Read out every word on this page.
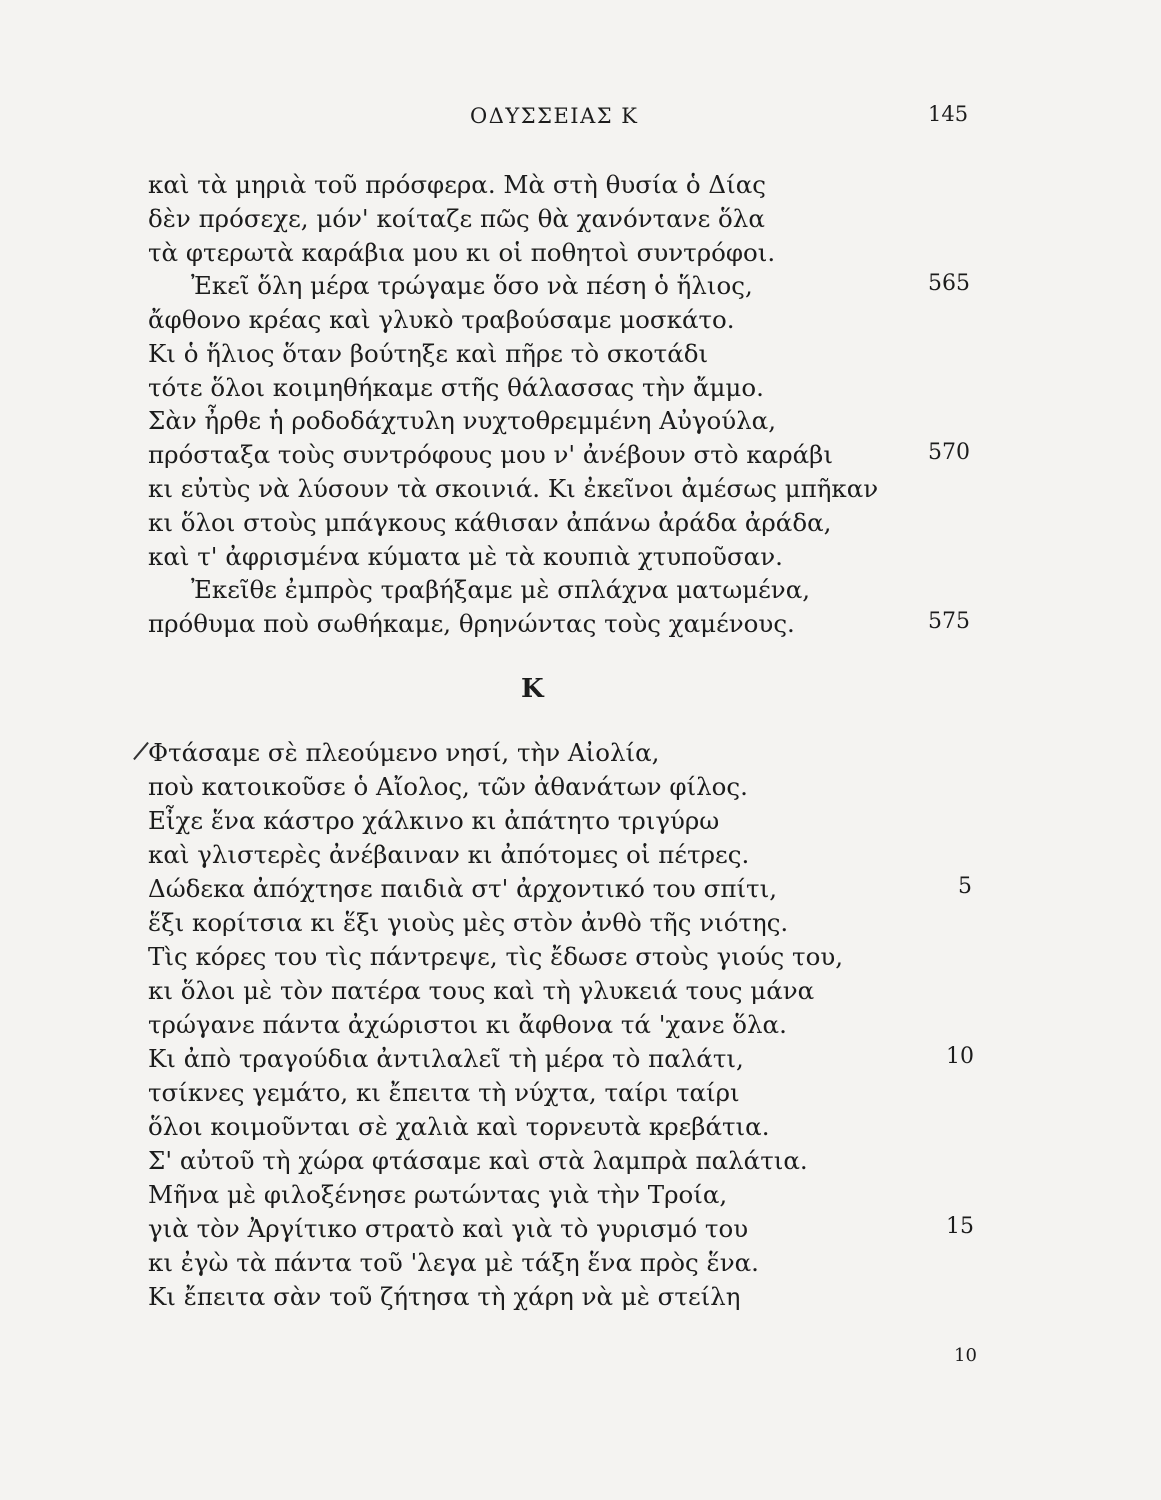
ΟΔΥΣΣΕΙΑΣ Κ	145
καὶ τὰ μηριὰ τοῦ πρόσφερα. Μὰ στὴ θυσία ὁ Δίας
δὲν πρόσεχε, μόν' κοίταζε πῶς θὰ χανόντανε ὅλα
τὰ φτερωτὰ καράβια μου κι οἱ ποθητοὶ συντρόφοι.
Ἐκεῖ ὅλη μέρα τρώγαμε ὅσο νὰ πέση ὁ ἥλιος,	565
ἄφθονο κρέας καὶ γλυκὸ τραβούσαμε μοσκάτο.
Κι ὁ ἥλιος ὅταν βούτηξε καὶ πῆρε τὸ σκοτάδι
τότε ὅλοι κοιμηθήκαμε στῆς θάλασσας τὴν ἄμμο.
Σὰν ἦρθε ἡ ροδοδάχτυλη νυχτοθρεμμένη Αὐγούλα,
πρόσταξα τοὺς συντρόφους μου ν' ἀνέβουν στὸ καράβι	570
κι εὐτὺς νὰ λύσουν τὰ σκοινιά. Κι ἐκεῖνοι ἀμέσως μπῆκαν
κι ὅλοι στοὺς μπάγκους κάθισαν ἀπάνω ἀράδα ἀράδα,
καὶ τ' ἀφρισμένα κύματα μὲ τὰ κουπιὰ χτυποῦσαν.
Ἐκεῖθε ἐμπρὸς τραβήξαμε μὲ σπλάχνα ματωμένα,
πρόθυμα ποὺ σωθήκαμε, θρηνώντας τοὺς χαμένους.	575
Κ
Φτάσαμε σὲ πλεούμενο νησί, τὴν Αἰολία,
ποὺ κατοικοῦσε ὁ Αἴολος, τῶν ἀθανάτων φίλος.
Εἶχε ἕνα κάστρο χάλκινο κι ἀπάτητο τριγύρω
καὶ γλιστερὲς ἀνέβαιναν κι ἀπότομες οἱ πέτρες.
Δώδεκα ἀπόχτησε παιδιὰ στ' ἀρχοντικό του σπίτι,	5
ἕξι κορίτσια κι ἕξι γιοὺς μὲς στὸν ἀνθὸ τῆς νιότης.
Τὶς κόρες του τὶς πάντρεψε, τὶς ἔδωσε στοὺς γιούς του,
κι ὅλοι μὲ τὸν πατέρα τους καὶ τὴ γλυκειά τους μάνα
τρώγανε πάντα ἀχώριστοι κι ἄφθονα τά 'χανε ὅλα.
Κι ἀπὸ τραγούδια ἀντιλαλεῖ τὴ μέρα τὸ παλάτι,	10
τσίκνες γεμάτο, κι ἔπειτα τὴ νύχτα, ταίρι ταίρι
ὅλοι κοιμοῦνται σὲ χαλιὰ καὶ τορνευτὰ κρεβάτια.
Σ' αὐτοῦ τὴ χώρα φτάσαμε καὶ στὰ λαμπρὰ παλάτια.
Μῆνα μὲ φιλοξένησε ρωτώντας γιὰ τὴν Τροία,
γιὰ τὸν Ἀργίτικο στρατὸ καὶ γιὰ τὸ γυρισμό του	15
κι ἐγὼ τὰ πάντα τοῦ 'λεγα μὲ τάξη ἕνα πρὸς ἕνα.
Κι ἔπειτα σὰν τοῦ ζήτησα τὴ χάρη νὰ μὲ στείλη
10
